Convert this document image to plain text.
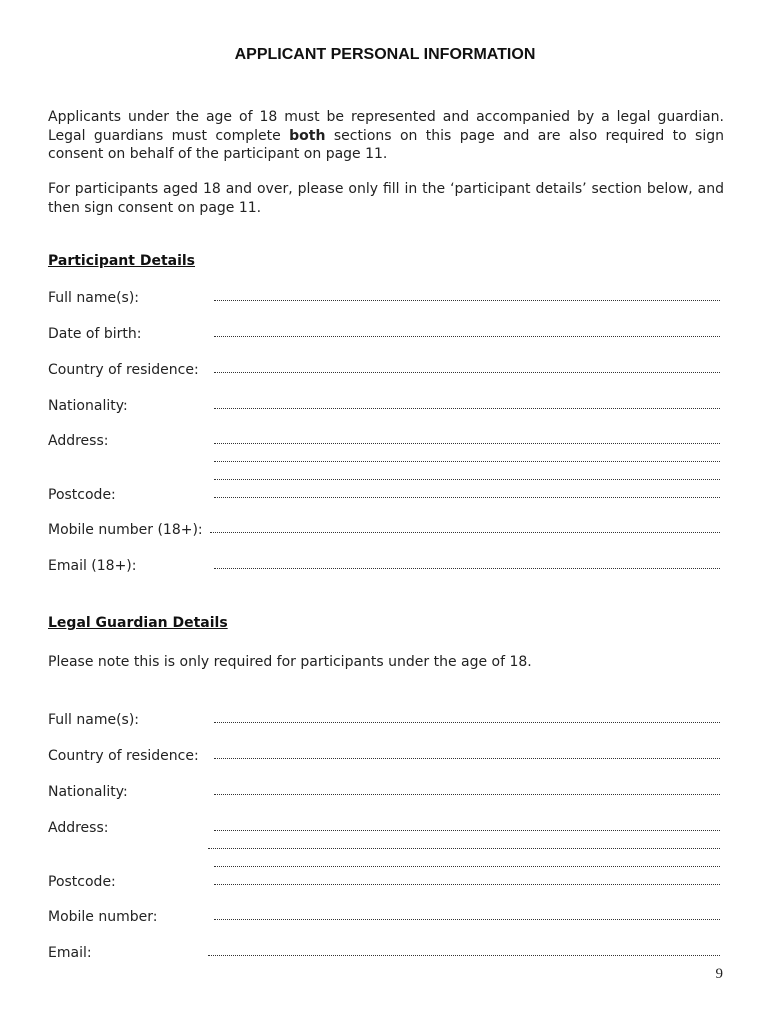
APPLICANT PERSONAL INFORMATION
Applicants under the age of 18 must be represented and accompanied by a legal guardian. Legal guardians must complete both sections on this page and are also required to sign consent on behalf of the participant on page 11.
For participants aged 18 and over, please only fill in the ‘participant details’ section below, and then sign consent on page 11.
Participant Details
Full name(s):
Date of birth:
Country of residence:
Nationality:
Address:
Postcode:
Mobile number (18+):
Email (18+):
Legal Guardian Details
Please note this is only required for participants under the age of 18.
Full name(s):
Country of residence:
Nationality:
Address:
Postcode:
Mobile number:
Email:
9
